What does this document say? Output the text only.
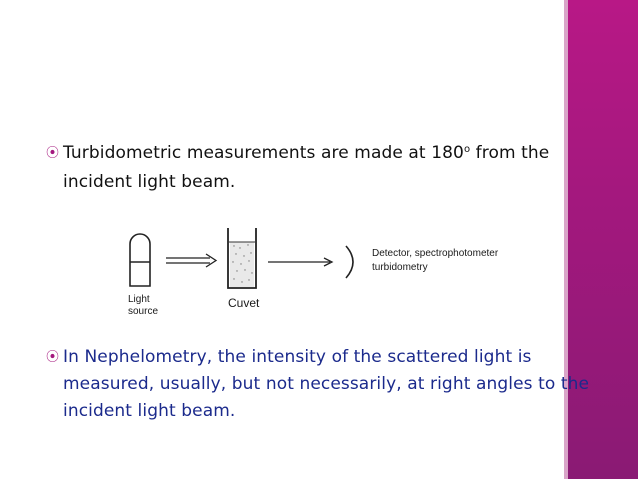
⦿ Turbidometric measurements are made at 180$^o$ from the incident light beam.
Light
source
Cuvet
Detector, spectrophotometer
turbidometry
⦿ In Nephelometry, the intensity of the scattered light is measured, usually, but not necessarily, at right angles to the incident light beam.
